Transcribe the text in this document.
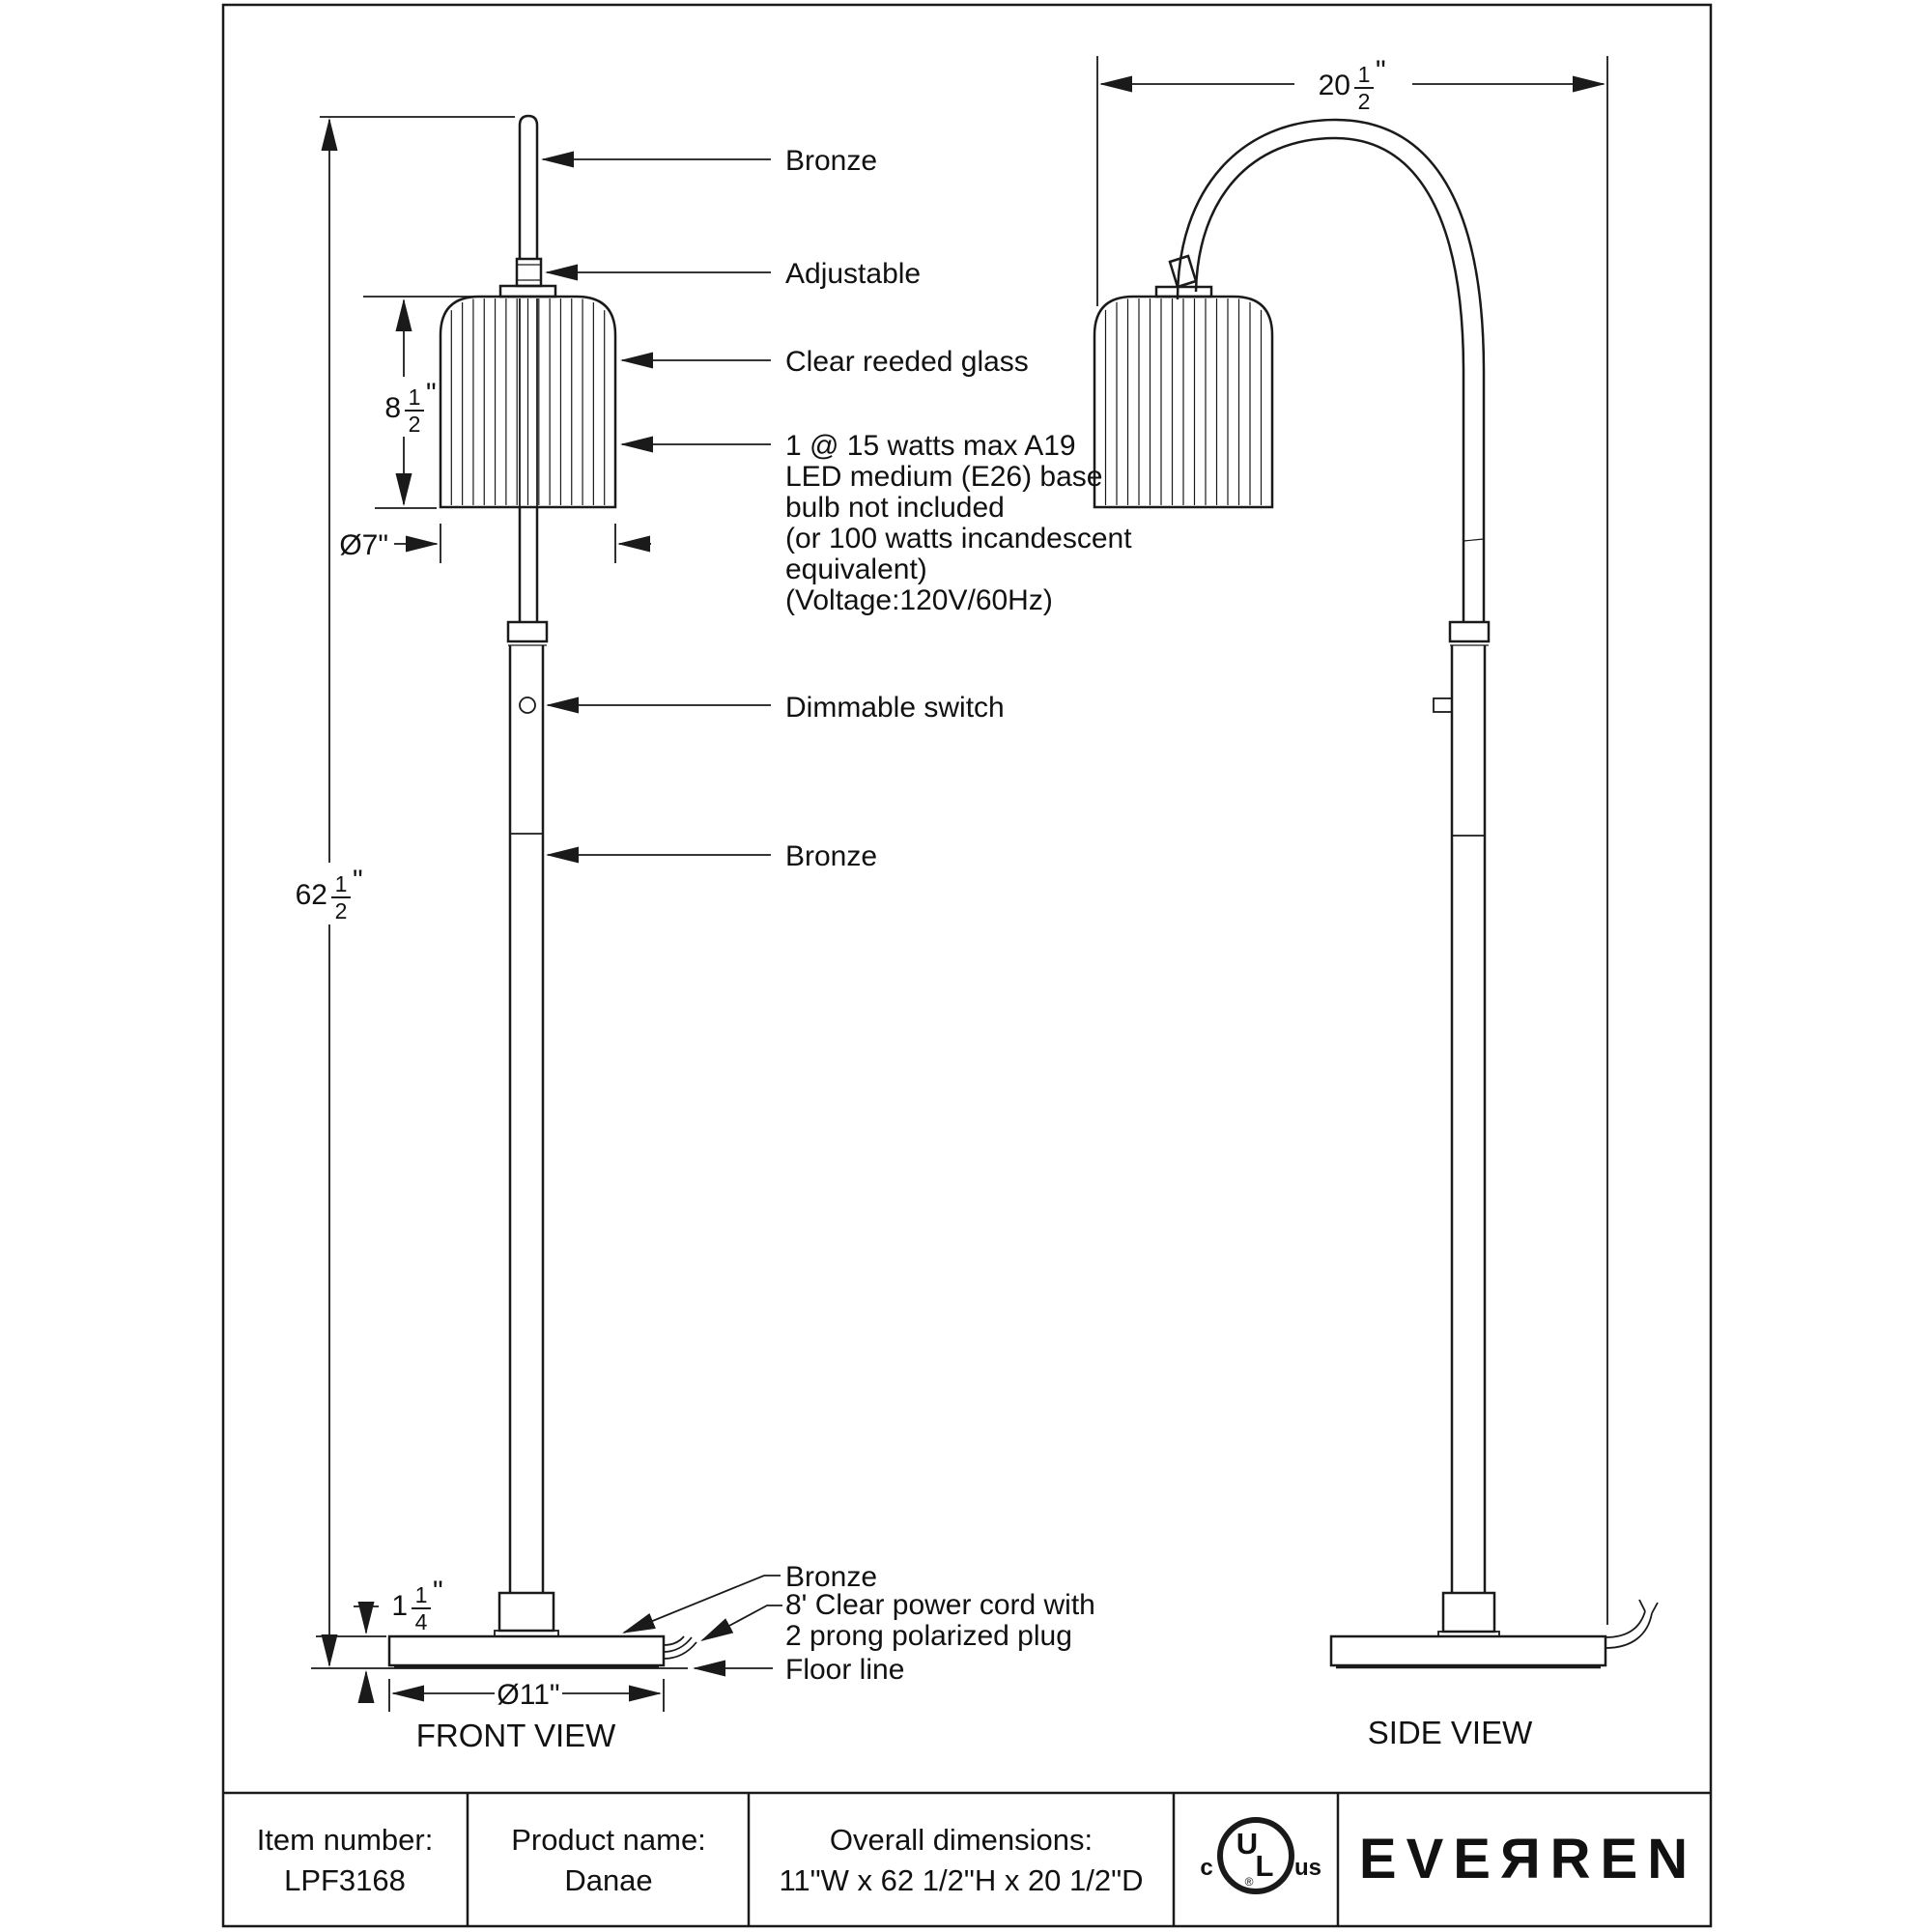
62 1
2
"
8 1
2
"
Ø7"
1 1
4
"
Ø11"
20 1
2
"
Bronze
Adjustable
Clear reeded glass
1 @ 15 watts max A19
LED medium (E26) base
bulb not included
(or 100 watts incandescent
equivalent)
(Voltage:120V/60Hz)
Dimmable switch
Bronze
Bronze
8' Clear power cord with
2 prong polarized plug
Floor line
FRONT VIEW	SIDE VIEW
Item number:
LPF3168
Product name:
Danae
Overall dimensions:
11"W x 62 1/2"H x 20 1/2"D
U
L
®
c	us EVEЯREN
